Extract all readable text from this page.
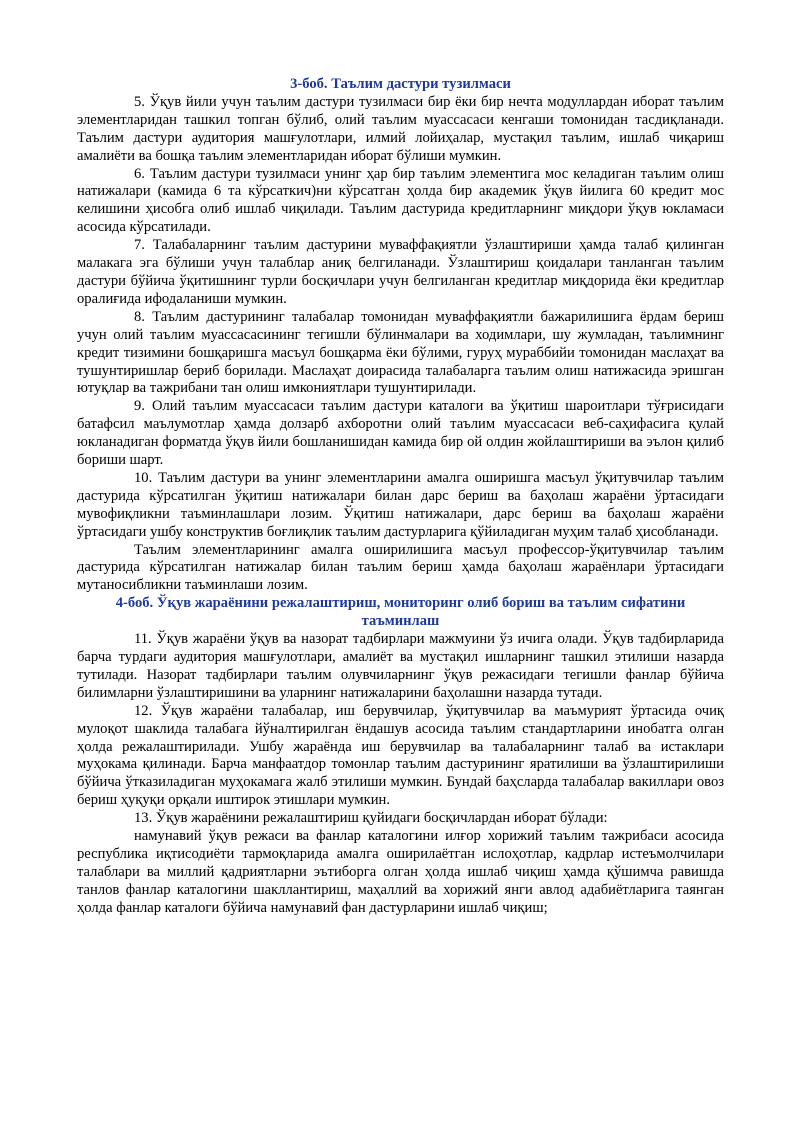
3-боб. Таълим дастури тузилмаси

5. Ўқув йили учун таълим дастури тузилмаси бир ёки бир нечта модуллардан иборат таълим элементларидан ташкил топган бўлиб, олий таълим муассасаси кенгаши томонидан тасдиқланади. Таълим дастури аудитория машғулотлари, илмий лойиҳалар, мустақил таълим, ишлаб чиқариш амалиёти ва бошқа таълим элементларидан иборат бўлиши мумкин.

6. Таълим дастури тузилмаси унинг ҳар бир таълим элементига мос келадиган таълим олиш натижалари (камида 6 та кўрсаткич)ни кўрсатган ҳолда бир академик ўқув йилига 60 кредит мос келишини ҳисобга олиб ишлаб чиқилади. Таълим дастурида кредитларнинг миқдори ўқув юкламаси асосида кўрсатилади.

7. Талабаларнинг таълим дастурини муваффақиятли ўзлаштириши ҳамда талаб қилинган малакага эга бўлиши учун талаблар аниқ белгиланади. Ўзлаштириш қоидалари танланган таълим дастури бўйича ўқитишнинг турли босқичлари учун белгиланган кредитлар миқдорида ёки кредитлар оралиғида ифодаланиши мумкин.

8. Таълим дастурининг талабалар томонидан муваффақиятли бажарилишига ёрдам бериш учун олий таълим муассасасининг тегишли бўлинмалари ва ходимлари, шу жумладан, таълимнинг кредит тизимини бошқаришга масъул бошқарма ёки бўлими, гуруҳ мураббийи томонидан маслаҳат ва тушунтиришлар бериб борилади. Маслаҳат доирасида талабаларга таълим олиш натижасида эришган ютуқлар ва тажрибани тан олиш имкониятлари тушунтирилади.

9. Олий таълим муассасаси таълим дастури каталоги ва ўқитиш шароитлари тўғрисидаги батафсил маълумотлар ҳамда долзарб ахборотни олий таълим муассасаси веб-саҳифасига қулай юкланадиган форматда ўқув йили бошланишидан камида бир ой олдин жойлаштириши ва эълон қилиб бориши шарт.

10. Таълим дастури ва унинг элементларини амалга оширишга масъул ўқитувчилар таълим дастурида кўрсатилган ўқитиш натижалари билан дарс бериш ва баҳолаш жараёни ўртасидаги мувофиқликни таъминлашлари лозим. Ўқитиш натижалари, дарс бериш ва баҳолаш жараёни ўртасидаги ушбу конструктив боғлиқлик таълим дастурларига қўйиладиган муҳим талаб ҳисобланади.

Таълим элементларининг амалга оширилишига масъул профессор-ўқитувчилар таълим дастурида кўрсатилган натижалар билан таълим бериш ҳамда баҳолаш жараёнлари ўртасидаги мутаносибликни таъминлаши лозим.

4-боб. Ўқув жараёнини режалаштириш, мониторинг олиб бориш ва таълим сифатини таъминлаш

11. Ўқув жараёни ўқув ва назорат тадбирлари мажмуини ўз ичига олади. Ўқув тадбирларида барча турдаги аудитория машғулотлари, амалиёт ва мустақил ишларнинг ташкил этилиши назарда тутилади. Назорат тадбирлари таълим олувчиларнинг ўқув режасидаги тегишли фанлар бўйича билимларни ўзлаштиришини ва уларнинг натижаларини баҳолашни назарда тутади.

12. Ўқув жараёни талабалар, иш берувчилар, ўқитувчилар ва маъмурият ўртасида очиқ мулоқот шаклида талабага йўналтирилган ёндашув асосида таълим стандартларини инобатга олган ҳолда режалаштирилади. Ушбу жараёнда иш берувчилар ва талабаларнинг талаб ва истаклари муҳокама қилинади. Барча манфаатдор томонлар таълим дастурининг яратилиши ва ўзлаштирилиши бўйича ўтказиладиган муҳокамага жалб этилиши мумкин. Бундай баҳсларда талабалар вакиллари овоз бериш ҳуқуқи орқали иштирок этишлари мумкин.

13. Ўқув жараёнини режалаштириш қуйидаги босқичлардан иборат бўлади:

намунавий ўқув режаси ва фанлар каталогини илғор хорижий таълим тажрибаси асосида республика иқтисодиёти тармоқларида амалга оширилаётган ислоҳотлар, кадрлар истеъмолчилари талаблари ва миллий қадриятларни эътиборга олган ҳолда ишлаб чиқиш ҳамда қўшимча равишда танлов фанлар каталогини шакллантириш, маҳаллий ва хорижий янги авлод адабиётларига таянган ҳолда фанлар каталоги бўйича намунавий фан дастурларини ишлаб чиқиш;
